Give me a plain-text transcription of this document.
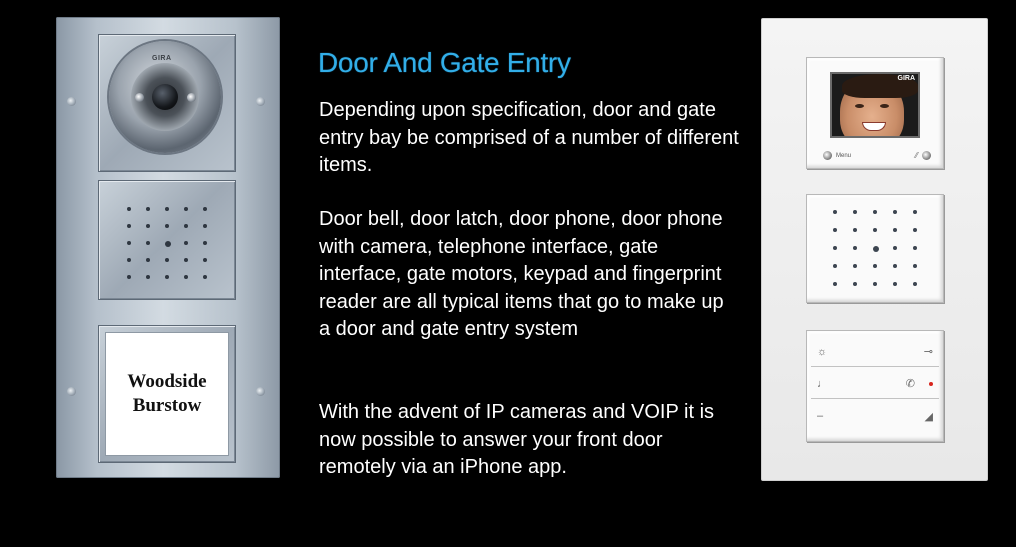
GIRA
Woodside
Burstow
Door And Gate Entry

Depending upon specification, door and gate entry bay be comprised of a number of different items.

Door bell, door latch, door phone, door phone with camera, telephone interface, gate interface, gate motors, keypad and fingerprint reader are all typical items that go to make up a door and gate entry system

With the advent of IP cameras and VOIP it is now possible to answer your front door remotely via an iPhone app.

GIRA
Menu	⁄⁄
☼	⊸
♩	✆
–	◢
